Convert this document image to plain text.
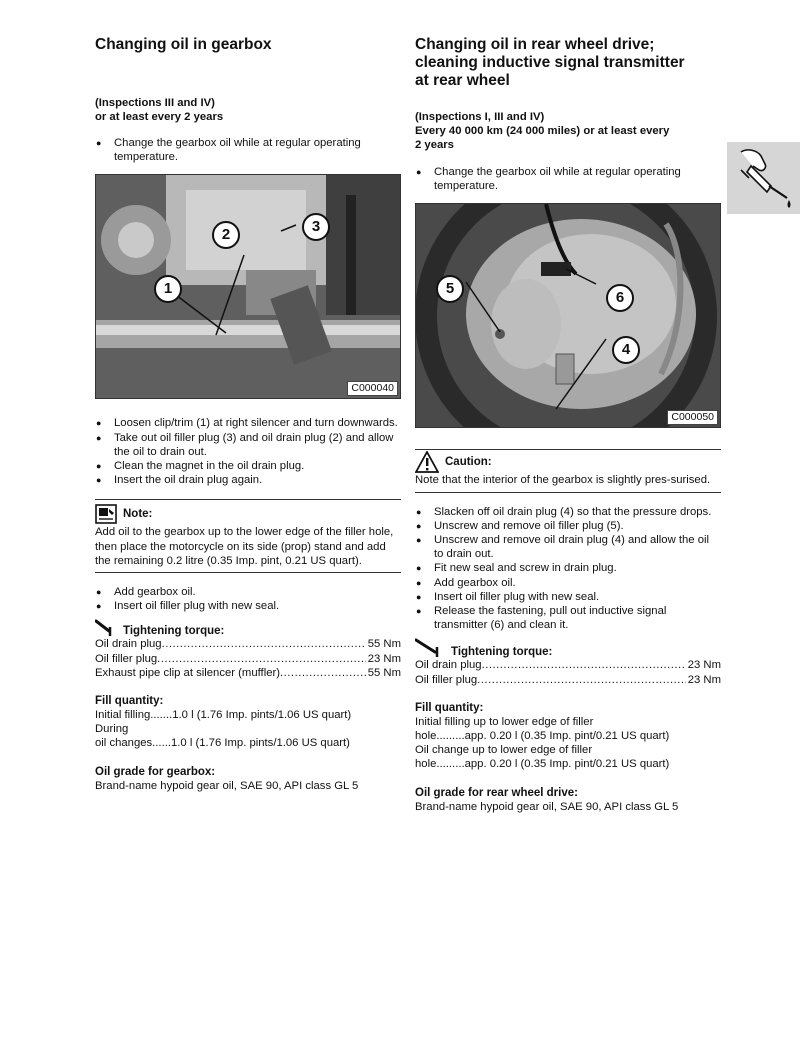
Changing oil in gearbox
(Inspections III and IV)
or at least every 2 years
● Change the gearbox oil while at regular operating temperature.
1
2	3
C000040
● Loosen clip/trim (1) at right silencer and turn downwards.
● Take out oil filler plug (3) and oil drain plug (2) and allow the oil to drain out.
● Clean the magnet in the oil drain plug.
● Insert the oil drain plug again.
Note:
Add oil to the gearbox up to the lower edge of the filler hole, then place the motorcycle on its side (prop) stand and add the remaining 0.2 litre (0.35 Imp. pint, 0.21 US quart).
● Add gearbox oil.
● Insert oil filler plug with new seal.
Tightening torque:
Oil drain plug .....	55 Nm
Oil filler plug .....	23 Nm
Exhaust pipe clip at silencer (muffler) .....	55 Nm
Fill quantity:
Initial filling.......1.0 l (1.76 Imp. pints/1.06 US quart)
During
oil changes......1.0 l (1.76 Imp. pints/1.06 US quart)
Oil grade for gearbox:
Brand-name hypoid gear oil, SAE 90, API class GL 5
Changing oil in rear wheel drive;
cleaning inductive signal transmitter
at rear wheel
(Inspections I, III and IV)
Every 40 000 km (24 000 miles) or at least every
2 years
● Change the gearbox oil while at regular operating temperature.
5
6
4
C000050
Caution:
Note that the interior of the gearbox is slightly pres-surised.
● Slacken off oil drain plug (4) so that the pressure drops.
● Unscrew and remove oil filler plug (5).
● Unscrew and remove oil drain plug (4) and allow the oil to drain out.
● Fit new seal and screw in drain plug.
● Add gearbox oil.
● Insert oil filler plug with new seal.
● Release the fastening, pull out inductive signal transmitter (6) and clean it.
Tightening torque:
Oil drain plug .....	23 Nm
Oil filler plug .....	23 Nm
Fill quantity:
Initial filling up to lower edge of filler
hole.........app. 0.20 l (0.35 Imp. pint/0.21 US quart)
Oil change up to lower edge of filler
hole.........app. 0.20 l (0.35 Imp. pint/0.21 US quart)
Oil grade for rear wheel drive:
Brand-name hypoid gear oil, SAE 90, API class GL 5
